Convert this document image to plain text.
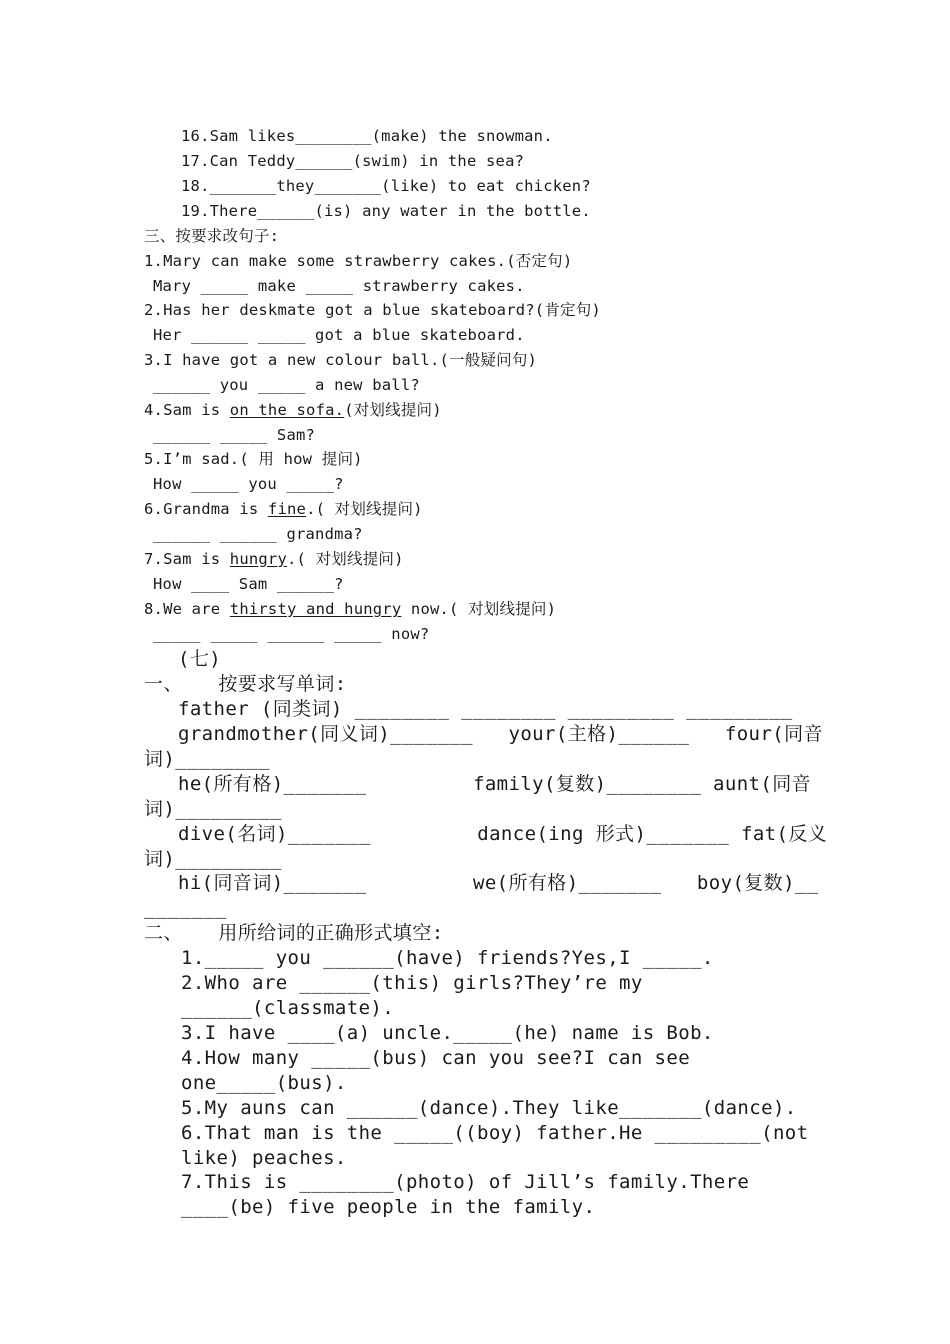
16.Sam likes________(make) the snowman.
17.Can Teddy______(swim) in the sea?
18._______they_______(like) to eat chicken?
19.There______(is) any water in the bottle.
三、按要求改句子:
1.Mary can make some strawberry cakes.(否定句)
Mary _____ make _____ strawberry cakes.
2.Has her deskmate got a blue skateboard?(肯定句)
Her ______ _____ got a blue skateboard.
3.I have got a new colour ball.(一般疑问句)
______ you _____ a new ball?
4.Sam is on the sofa.(对划线提问)
______ _____ Sam?
5.I’m sad.( 用 how 提问)
How _____ you _____?
6.Grandma is fine.( 对划线提问)
______ ______ grandma?
7.Sam is hungry.( 对划线提问)
How ____ Sam ______?
8.We are thirsty and hungry now.( 对划线提问)
_____ _____ ______ _____ now?
(七)
一、   按要求写单词:
father (同类词) ________ ________ _________ _________
grandmother(同义词)_______   your(主格)______   four(同音
词)________
he(所有格)_______         family(复数)________ aunt(同音
词)_________
dive(名词)_______         dance(ing 形式)_______ fat(反义
词)_________
hi(同音词)_______         we(所有格)_______   boy(复数)__
_______
二、   用所给词的正确形式填空:
1._____ you ______(have) friends?Yes,I _____.
2.Who are ______(this) girls?They’re my
______(classmate).
3.I have ____(a) uncle._____(he) name is Bob.
4.How many _____(bus) can you see?I can see
one_____(bus).
5.My auns can ______(dance).They like_______(dance).
6.That man is the _____((boy) father.He _________(not
like) peaches.
7.This is ________(photo) of Jill’s family.There
____(be) five people in the family.
